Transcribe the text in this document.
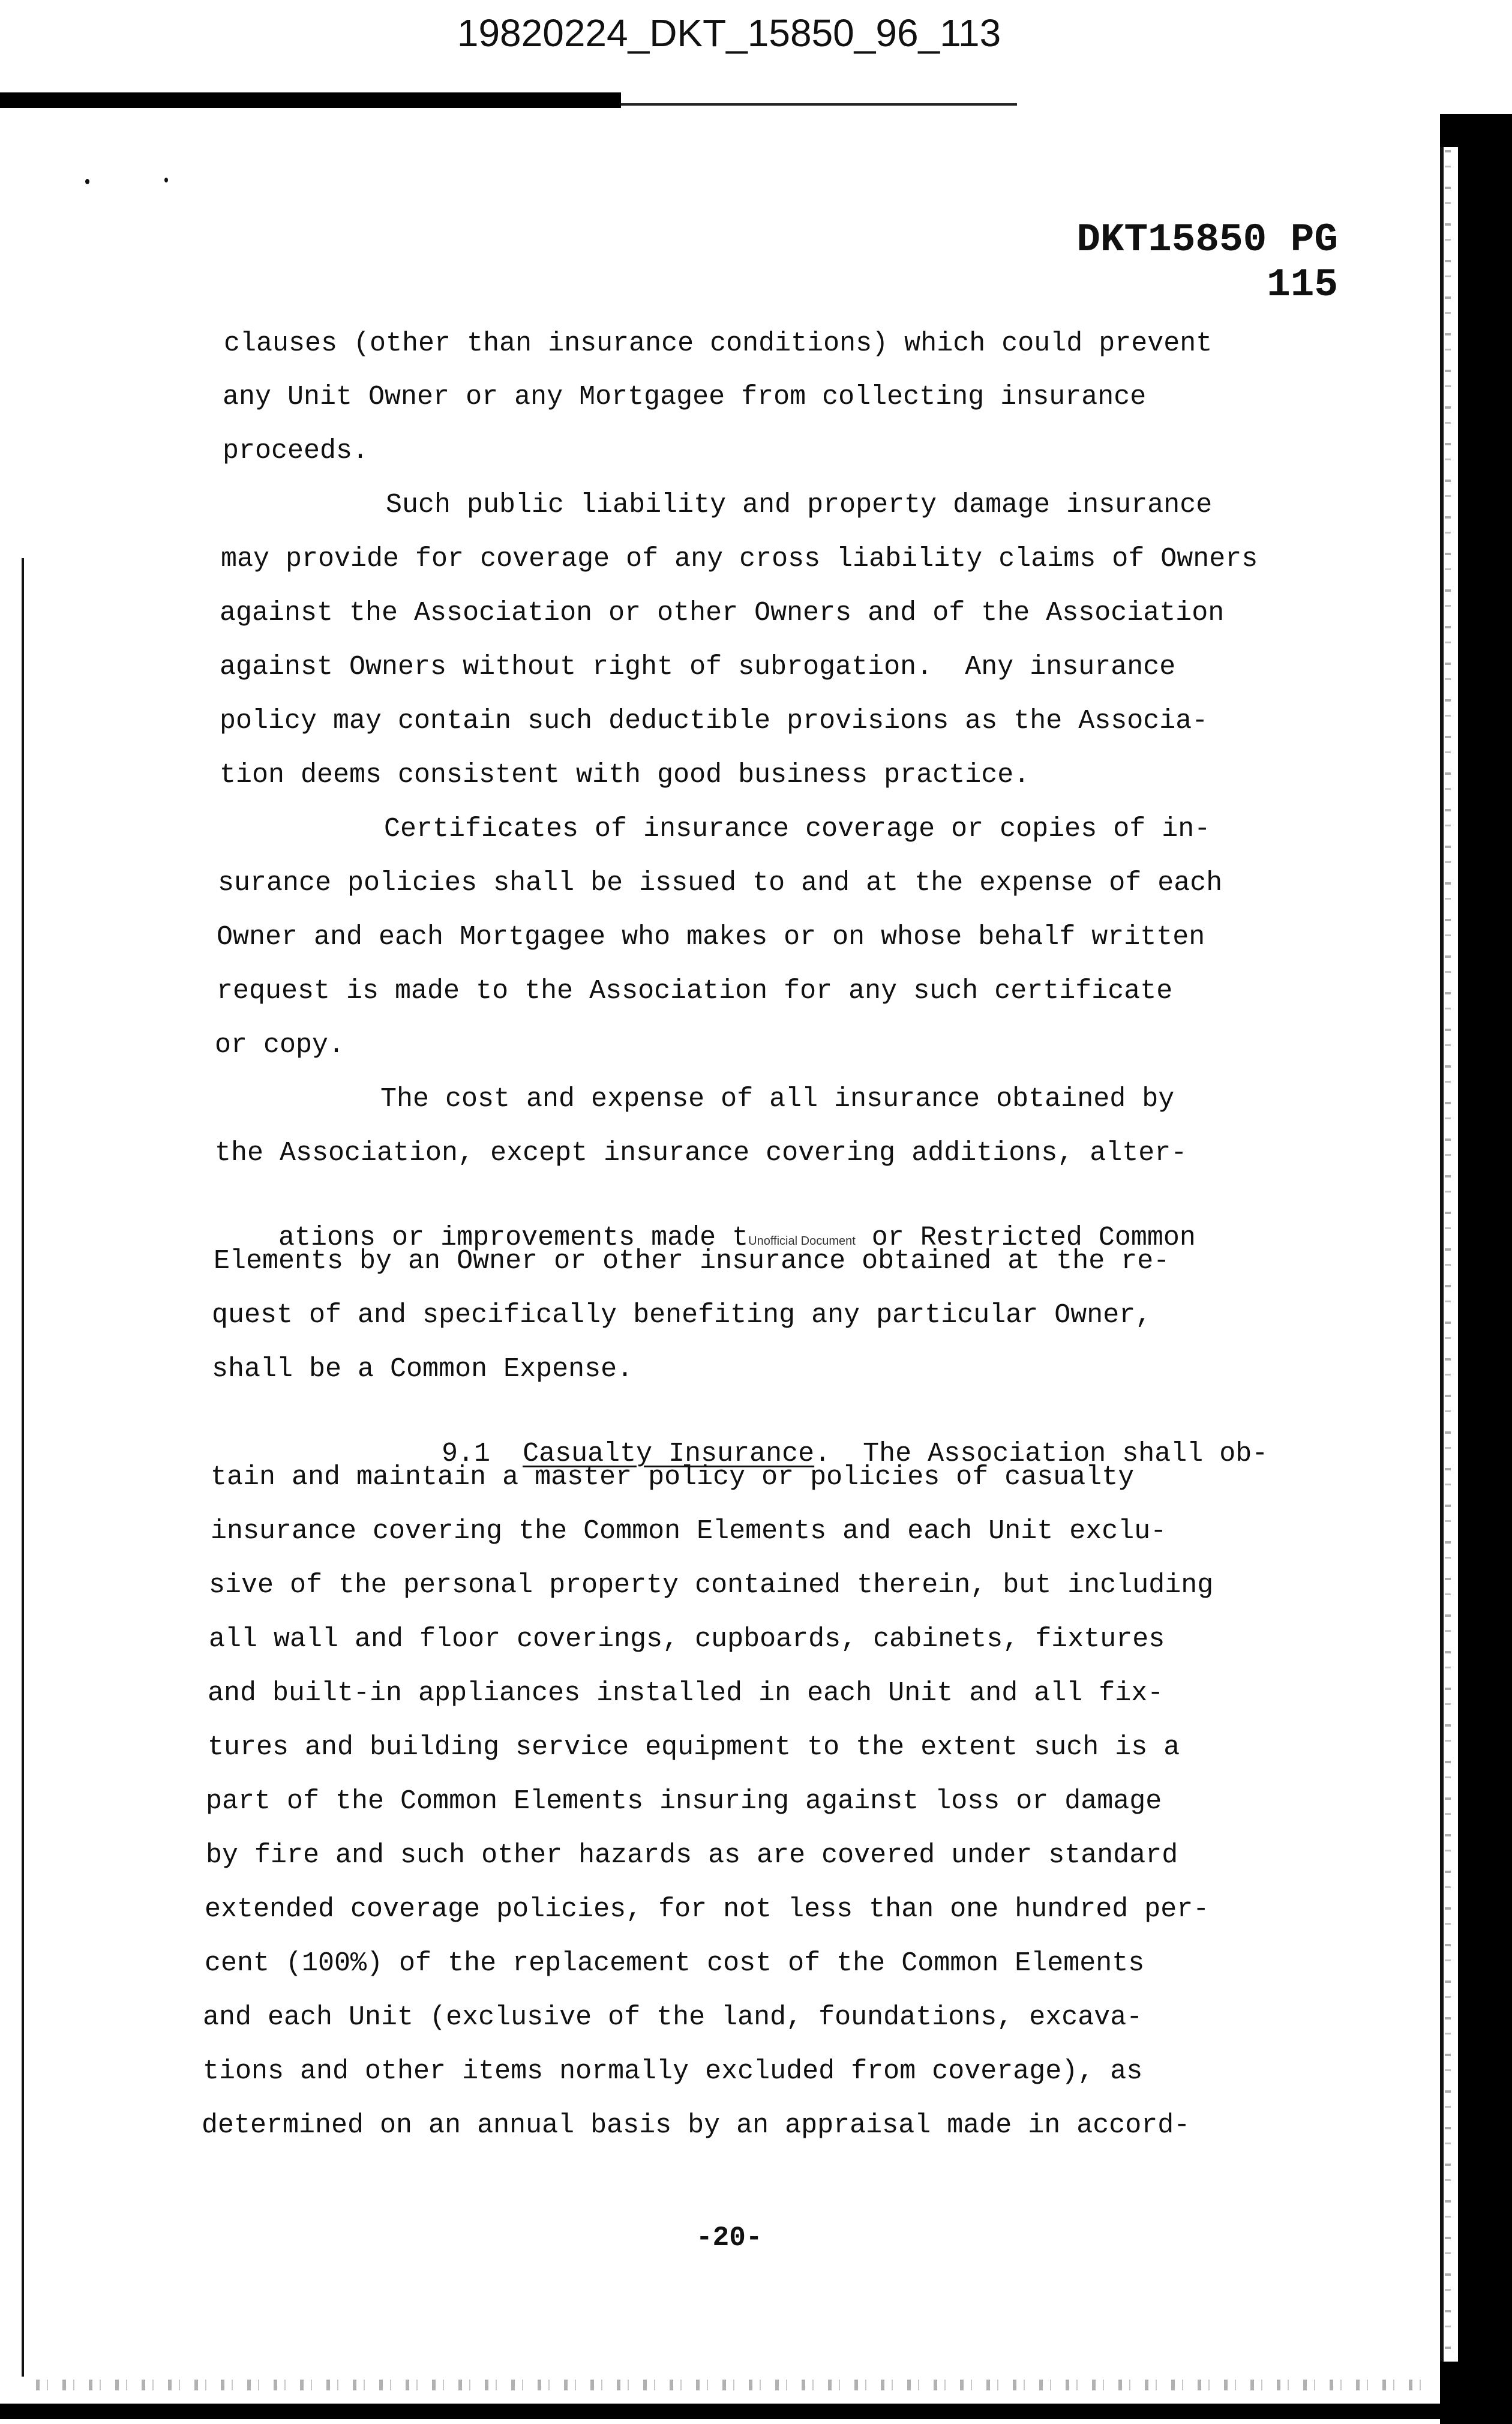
19820224_DKT_15850_96_113
DKT15850 PG 115
clauses (other than insurance conditions) which could prevent
any Unit Owner or any Mortgagee from collecting insurance
proceeds.
Such public liability and property damage insurance
may provide for coverage of any cross liability claims of Owners
against the Association or other Owners and of the Association
against Owners without right of subrogation.  Any insurance
policy may contain such deductible provisions as the Associa-
tion deems consistent with good business practice.
Certificates of insurance coverage or copies of in-
surance policies shall be issued to and at the expense of each
Owner and each Mortgagee who makes or on whose behalf written
request is made to the Association for any such certificate
or copy.
The cost and expense of all insurance obtained by
the Association, except insurance covering additions, alter-

ations or improvements made tUnofficial Document or Restricted Common

Elements by an Owner or other insurance obtained at the re-
quest of and specifically benefiting any particular Owner,
shall be a Common Expense.

9.1 Casualty Insurance.  The Association shall ob-

tain and maintain a master policy or policies of casualty
insurance covering the Common Elements and each Unit exclu-
sive of the personal property contained therein, but including
all wall and floor coverings, cupboards, cabinets, fixtures
and built-in appliances installed in each Unit and all fix-
tures and building service equipment to the extent such is a
part of the Common Elements insuring against loss or damage
by fire and such other hazards as are covered under standard
extended coverage policies, for not less than one hundred per-
cent (100%) of the replacement cost of the Common Elements
and each Unit (exclusive of the land, foundations, excava-
tions and other items normally excluded from coverage), as
determined on an annual basis by an appraisal made in accord-
-20-
